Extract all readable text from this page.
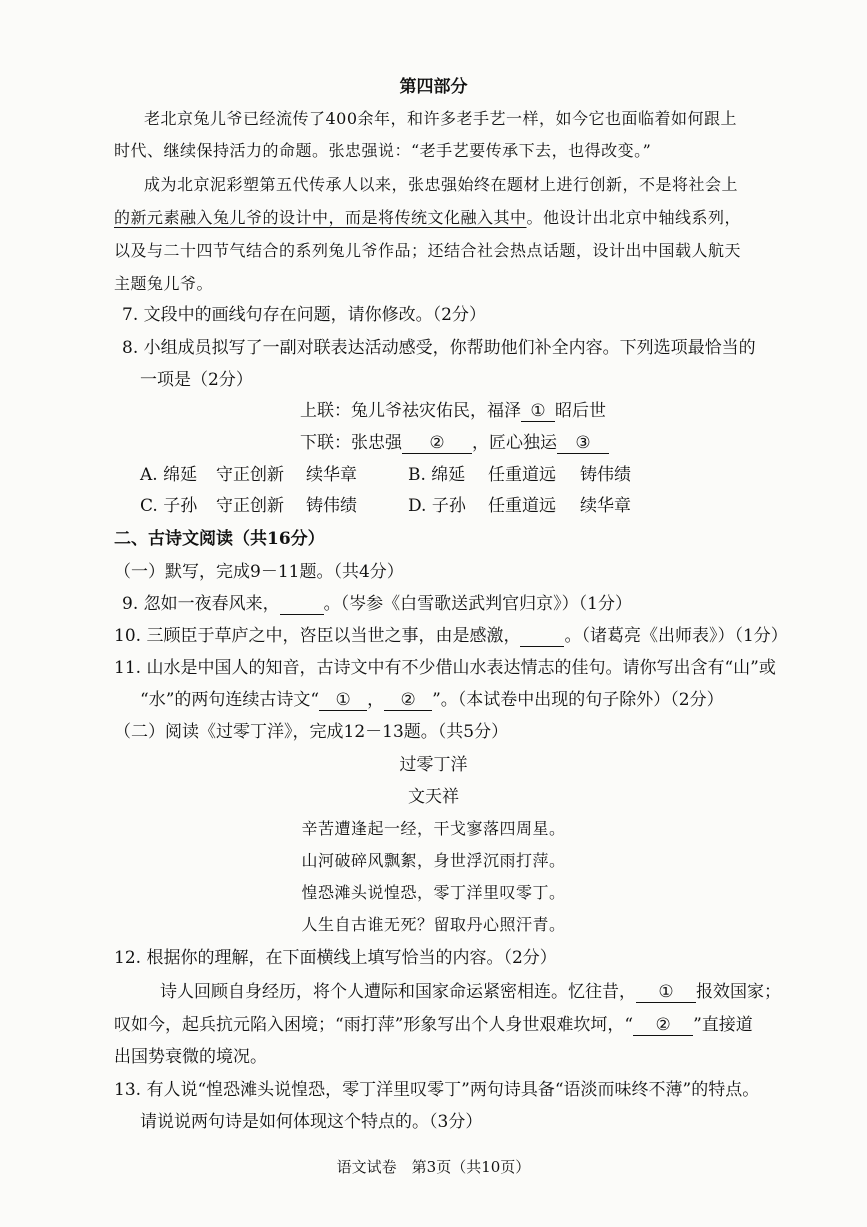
第四部分
老北京兔儿爷已经流传了400余年，和许多老手艺一样，如今它也面临着如何跟上
时代、继续保持活力的命题。张忠强说：“老手艺要传承下去，也得改变。”
成为北京泥彩塑第五代传承人以来，张忠强始终在题材上进行创新，不是将社会上
的新元素融入兔儿爷的设计中，而是将传统文化融入其中。他设计出北京中轴线系列，
以及与二十四节气结合的系列兔儿爷作品；还结合社会热点话题，设计出中国载人航天
主题兔儿爷。
7. 文段中的画线句存在问题，请你修改。（2分）
8. 小组成员拟写了一副对联表达活动感受，你帮助他们补全内容。下列选项最恰当的
一项是（2分）
上联：兔儿爷祛灾佑民，福泽 ① 昭后世
下联：张忠强 ② ，匠心独运 ③
A. 绵延 守正创新 续华章	B. 绵延 任重道远 铸伟绩
C. 子孙 守正创新 铸伟绩	D. 子孙 任重道远 续华章
二、古诗文阅读（共16分）
（一）默写，完成9－11题。（共4分）
9. 忽如一夜春风来，	。（岑参《白雪歌送武判官归京》）（1分）
10. 三顾臣于草庐之中，咨臣以当世之事，由是感激，	。（诸葛亮《出师表》）（1分）
11. 山水是中国人的知音，古诗文中有不少借山水表达情志的佳句。请你写出含有“山”或
“水”的两句连续古诗文“ ① ， ② ”。（本试卷中出现的句子除外）（2分）
（二）阅读《过零丁洋》，完成12－13题。（共5分）
过零丁洋
文天祥
辛苦遭逢起一经，干戈寥落四周星。
山河破碎风飘絮，身世浮沉雨打萍。
惶恐滩头说惶恐，零丁洋里叹零丁。
人生自古谁无死？留取丹心照汗青。
12. 根据你的理解，在下面横线上填写恰当的内容。（2分）
诗人回顾自身经历，将个人遭际和国家命运紧密相连。忆往昔， ① 报效国家；
叹如今，起兵抗元陷入困境；“雨打萍”形象写出个人身世艰难坎坷，“ ② ”直接道
出国势衰微的境况。
13. 有人说“惶恐滩头说惶恐，零丁洋里叹零丁”两句诗具备“语淡而味终不薄”的特点。
请说说两句诗是如何体现这个特点的。（3分）
语文试卷　第3页（共10页）
